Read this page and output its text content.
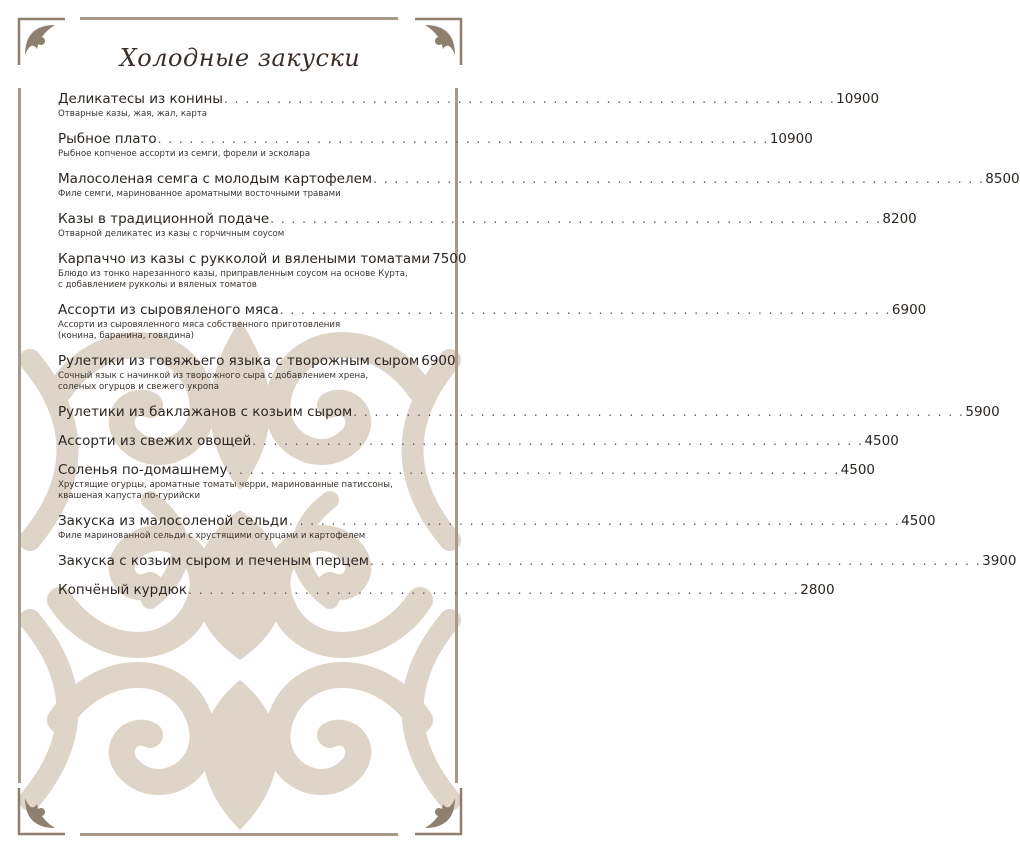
Холодные закуски
Деликатесы из конины . . . . . . . . . . . . . . . . . . . . . . . . . . . . . . . . . . . . . . . . . . . . . . . . . . . . . . . . . . 10900
Отварные казы, жая, жал, карта
Рыбное плато . . . . . . . . . . . . . . . . . . . . . . . . . . . . . . . . . . . . . . . . . . . . . . . . . . . . . . . . . . 10900
Рыбное копченое ассорти из семги, форели и эсколара
Малосоленая семга с молодым картофелем . . . . . . . . . . . . . . . . . . . . . . . . . . . . . . . . . . . . . . . . . . . . . . . . . . . . . . . . . . 8500
Филе семги, маринованное ароматными восточными травами
Казы в традиционной подаче . . . . . . . . . . . . . . . . . . . . . . . . . . . . . . . . . . . . . . . . . . . . . . . . . . . . . . . . . . 8200
Отварной деликатес из казы с горчичным соусом
Карпаччо из казы с рукколой и вялеными томатами 7500
Блюдо из тонко нарезанного казы, приправленным соусом на основе Курта,
с добавлением рукколы и вяленых томатов
Ассорти из сыровяленого мяса . . . . . . . . . . . . . . . . . . . . . . . . . . . . . . . . . . . . . . . . . . . . . . . . . . . . . . . . . . 6900
Ассорти из сыровяленного мяса собственного приготовления
(конина, баранина, говядина)
Рулетики из говяжьего языка с творожным сыром 6900
Сочный язык с начинкой из творожного сыра с добавлением хрена,
соленых огурцов и свежего укропа
Рулетики из баклажанов с козьим сыром . . . . . . . . . . . . . . . . . . . . . . . . . . . . . . . . . . . . . . . . . . . . . . . . . . . . . . . . . . 5900
Ассорти из свежих овощей . . . . . . . . . . . . . . . . . . . . . . . . . . . . . . . . . . . . . . . . . . . . . . . . . . . . . . . . . . 4500
Соленья по-домашнему . . . . . . . . . . . . . . . . . . . . . . . . . . . . . . . . . . . . . . . . . . . . . . . . . . . . . . . . . . 4500
Хрустящие огурцы, ароматные томаты черри, маринованные патиссоны,
квашеная капуста по-гурийски
Закуска из малосоленой сельди . . . . . . . . . . . . . . . . . . . . . . . . . . . . . . . . . . . . . . . . . . . . . . . . . . . . . . . . . . 4500
Филе маринованной сельди с хрустящими огурцами и картофелем
Закуска с козьим сыром и печеным перцем . . . . . . . . . . . . . . . . . . . . . . . . . . . . . . . . . . . . . . . . . . . . . . . . . . . . . . . . . . 3900
Копчёный курдюк . . . . . . . . . . . . . . . . . . . . . . . . . . . . . . . . . . . . . . . . . . . . . . . . . . . . . . . . . . 2800
